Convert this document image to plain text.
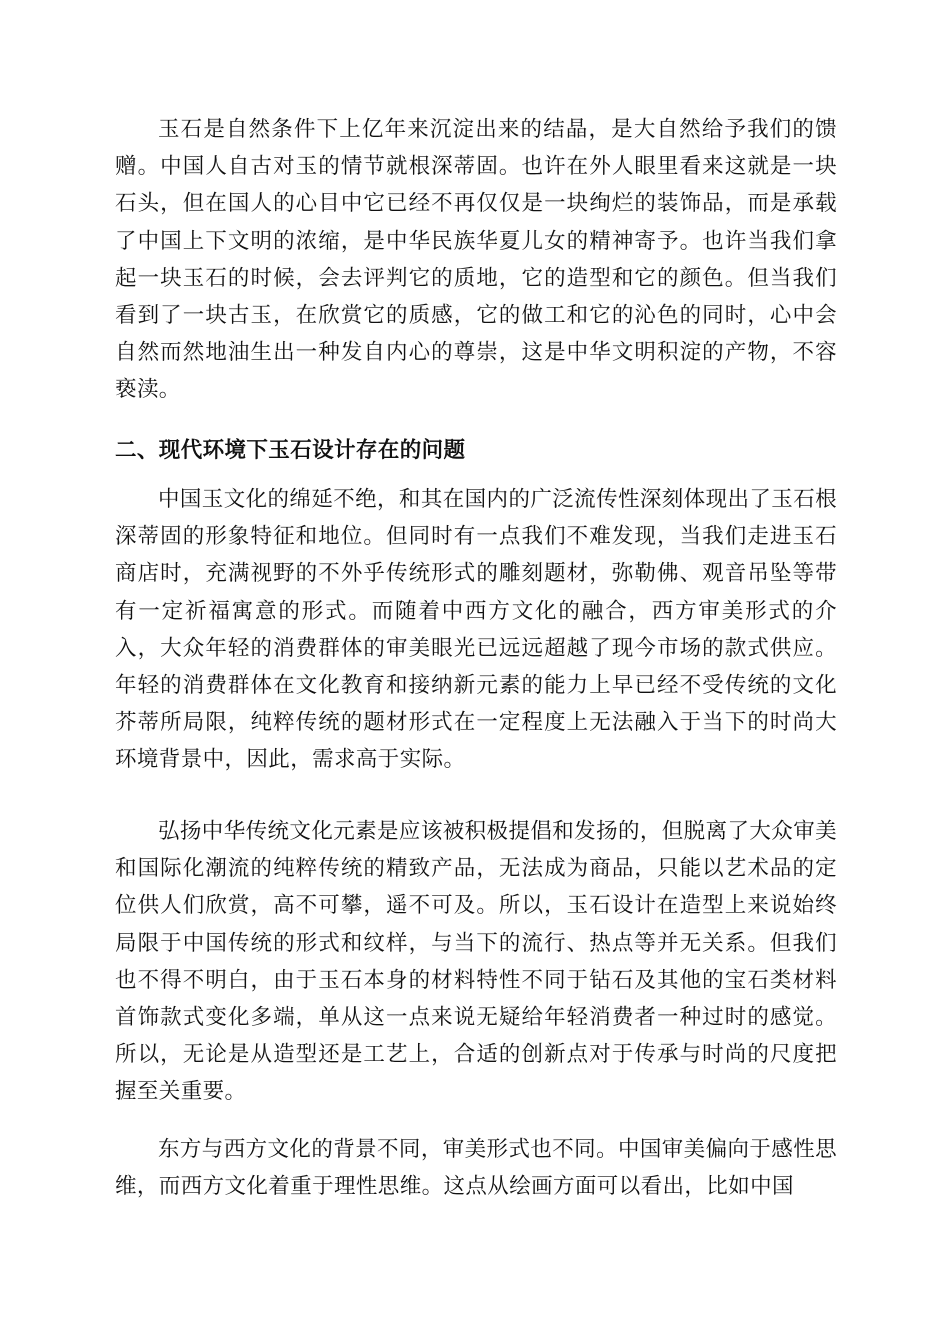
玉石是自然条件下上亿年来沉淀出来的结晶，是大自然给予我们的馈赠。中国人自古对玉的情节就根深蒂固。也许在外人眼里看来这就是一块石头，但在国人的心目中它已经不再仅仅是一块绚烂的装饰品，而是承载了中国上下文明的浓缩，是中华民族华夏儿女的精神寄予。也许当我们拿起一块玉石的时候，会去评判它的质地，它的造型和它的颜色。但当我们看到了一块古玉，在欣赏它的质感，它的做工和它的沁色的同时，心中会自然而然地油生出一种发自内心的尊崇，这是中华文明积淀的产物，不容亵渎。

二、现代环境下玉石设计存在的问题

中国玉文化的绵延不绝，和其在国内的广泛流传性深刻体现出了玉石根深蒂固的形象特征和地位。但同时有一点我们不难发现，当我们走进玉石商店时，充满视野的不外乎传统形式的雕刻题材，弥勒佛、观音吊坠等带有一定祈福寓意的形式。而随着中西方文化的融合，西方审美形式的介入，大众年轻的消费群体的审美眼光已远远超越了现今市场的款式供应。年轻的消费群体在文化教育和接纳新元素的能力上早已经不受传统的文化芥蒂所局限，纯粹传统的题材形式在一定程度上无法融入于当下的时尚大环境背景中，因此，需求高于实际。

弘扬中华传统文化元素是应该被积极提倡和发扬的，但脱离了大众审美和国际化潮流的纯粹传统的精致产品，无法成为商品，只能以艺术品的定位供人们欣赏，高不可攀，遥不可及。所以，玉石设计在造型上来说始终局限于中国传统的形式和纹样，与当下的流行、热点等并无关系。但我们也不得不明白，由于玉石本身的材料特性不同于钻石及其他的宝石类材料首饰款式变化多端，单从这一点来说无疑给年轻消费者一种过时的感觉。所以，无论是从造型还是工艺上，合适的创新点对于传承与时尚的尺度把握至关重要。

东方与西方文化的背景不同，审美形式也不同。中国审美偏向于感性思维，而西方文化着重于理性思维。这点从绘画方面可以看出，比如中国
